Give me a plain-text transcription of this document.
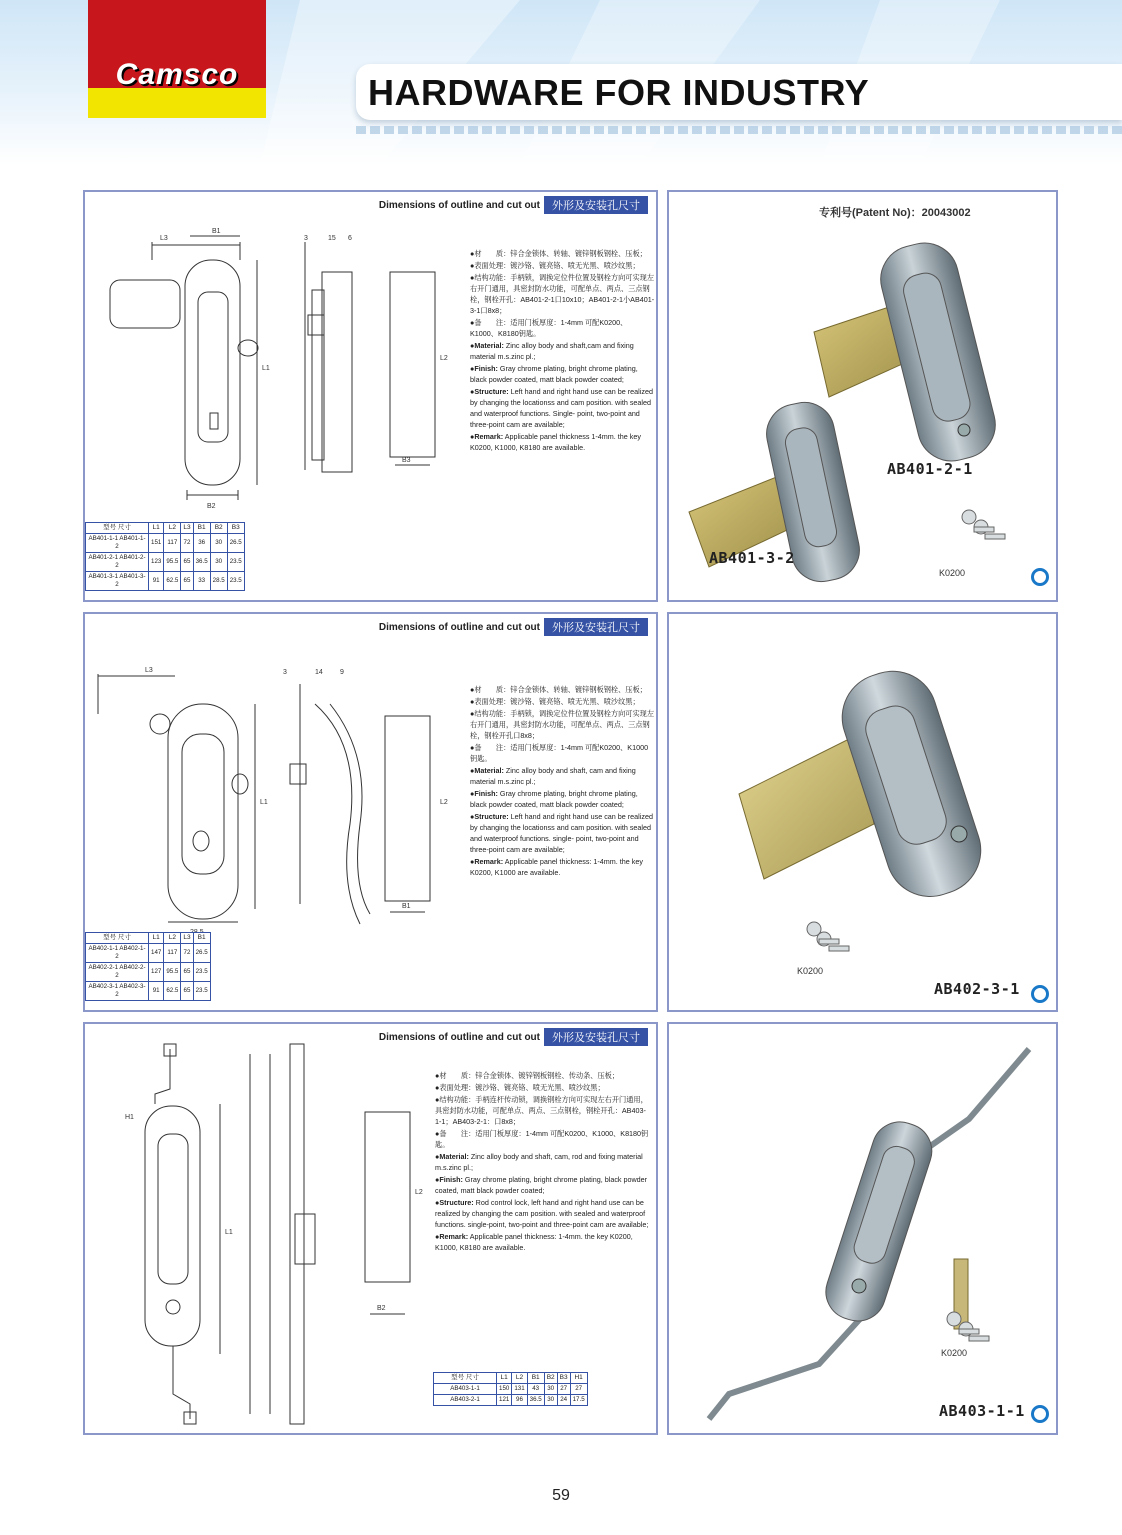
Camsco	HARDWARE FOR INDUSTRY
Dimensions of outline and cut out	外形及安装孔尺寸
L3
B1
B2
L1
L2
B3
3	15 6

●材　　质：锌合金锁体、转轴、镀锌钢板钢栓、压板；

●表面处理：镀沙铬、镀亮铬、喷无光黑、喷沙纹黑；

●结构功能：手柄锁，调换定位件位置及钢栓方向可实现左右开门通用，具密封防水功能，可配单点、两点、三点钢栓，钢栓开孔：AB401-2-1口10x10；AB401-2-1小AB401-3-1口8x8；

●备　　注：适用门板厚度：1-4mm 可配K0200、K1000、K8180钥匙。

●Material: Zinc alloy body and shaft,cam and fixing material m.s.zinc pl.;

●Finish: Gray chrome plating, bright chrome plating, black powder coated, matt black powder coated;

●Structure: Left hand and right hand use can be realized by changing the locationss and cam position. with sealed and waterproof functions. Single- point, two-point and three-point cam are available;

●Remark: Applicable panel thickness 1-4mm. the key K0200, K1000, K8180 are available.

型号 尺寸	L1	L2	L3	B1	B2	B3
AB401-1-1 AB401-1-2	151	117	72	36	30	26.5
AB401-2-1 AB401-2-2	123	95.5	65	36.5	30	23.5
AB401-3-1 AB401-3-2	91	62.5	65	33	28.5	23.5
专利号(Patent No)：20043002
AB401-2-1
AB401-3-2
K0200
Dimensions of outline and cut out	外形及安装孔尺寸
L3
L1	L2
B1
3	14 9

●材　　质：锌合金锁体、转轴、镀锌钢板钢栓、压板；

●表面处理：镀沙铬、镀亮铬、喷无光黑、喷沙纹黑；

●结构功能：手柄锁，调换定位件位置及钢栓方向可实现左右开门通用，具密封防水功能，可配单点、两点、三点钢栓，钢栓开孔口8x8；

●备　　注：适用门板厚度：1-4mm 可配K0200、K1000钥匙。

●Material: Zinc alloy body and shaft, cam and fixing material m.s.zinc pl.;

●Finish: Gray chrome plating, bright chrome plating, black powder coated, matt black powder coated;

●Structure: Left hand and right hand use can be realized by changing the locationss and cam position. with sealed and waterproof functions. single- point, two-point and three-point cam are available;

●Remark: Applicable panel thickness: 1-4mm. the key K0200, K1000 are available.

型号 尺寸	L1	L2	L3	B1
AB402-1-1 AB402-1-2	147	117	72	26.5
AB402-2-1 AB402-2-2	127	95.5	65	23.5
AB402-3-1 AB402-3-2	91	62.5	65	23.5
K0200
AB402-3-1
Dimensions of outline and cut out	外形及安装孔尺寸
L1
L2
B2
H1

●材　　质：锌合金锁体、镀锌钢板钢栓、传动条、压板；

●表面处理：镀沙铬、镀亮铬、喷无光黑、喷沙纹黑；

●结构功能：手柄连杆传动锁，调换钢栓方向可实现左右开门通用，具密封防水功能，可配单点、两点、三点钢栓，钢栓开孔：AB403-1-1；AB403-2-1：口8x8；

●备　　注：适用门板厚度：1-4mm 可配K0200、K1000、K8180钥匙。

●Material: Zinc alloy body and shaft, cam, rod and fixing material m.s.zinc pl.;

●Finish: Gray chrome plating, bright chrome plating, black powder coated, matt black powder coated;

●Structure: Rod control lock, left hand and right hand use can be realized by changing the cam position. with sealed and waterproof functions. single-point, two-point and three-point cam are available;

●Remark: Applicable panel thickness: 1-4mm. the key K0200, K1000, K8180 are available.

型号 尺寸	L1	L2	B1	B2	B3	H1
AB403-1-1	150	131	43	30	27	27
AB403-2-1	121	96	36.5	30	24	17.5
K0200
AB403-1-1
59
